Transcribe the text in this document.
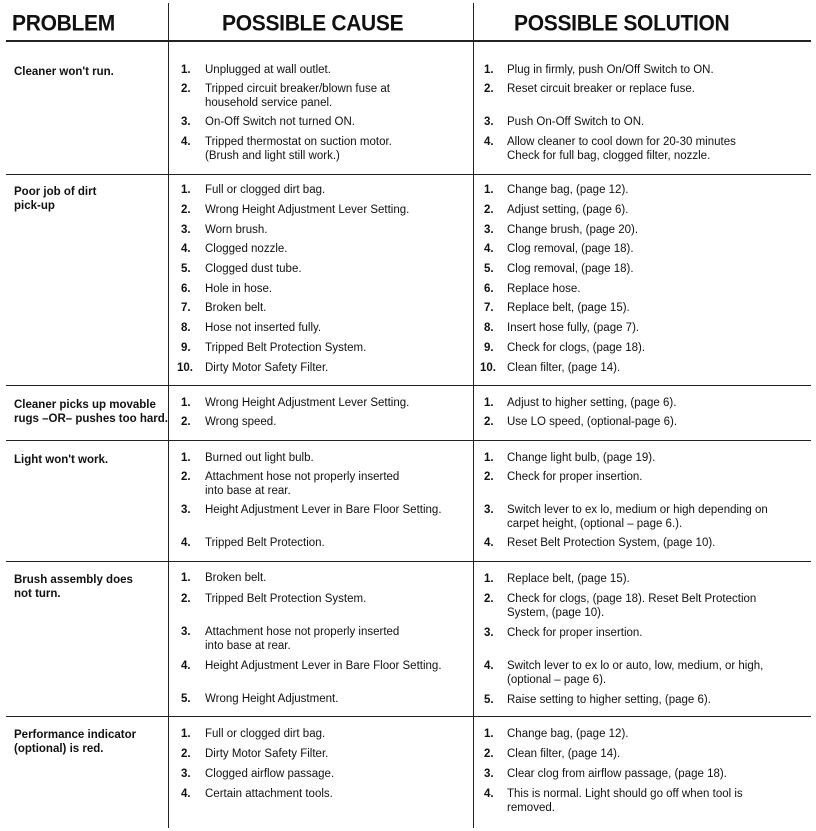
PROBLEM	POSSIBLE CAUSE	POSSIBLE SOLUTION
Cleaner won't run.	1. Unplugged at wall outlet.	1. Plug in firmly, push On/Off Switch to ON.
2. Tripped circuit breaker/blown fuse at
household service panel.
2. Reset circuit breaker or replace fuse.
3. On-Off Switch not turned ON.	3. Push On-Off Switch to ON.
4. Tripped thermostat on suction motor.
(Brush and light still work.)
4. Allow cleaner to cool down for 20-30 minutes
Check for full bag, clogged filter, nozzle.
Poor job of dirt
pick-up
1. Full or clogged dirt bag.	1. Change bag, (page 12).
2. Wrong Height Adjustment Lever Setting.	2. Adjust setting, (page 6).
3. Worn brush.	3. Change brush, (page 20).
4. Clogged nozzle.	4. Clog removal, (page 18).
5. Clogged dust tube.	5. Clog removal, (page 18).
6. Hole in hose.	6. Replace hose.
7. Broken belt.	7. Replace belt, (page 15).
8. Hose not inserted fully.	8. Insert hose fully, (page 7).
9. Tripped Belt Protection System.	9. Check for clogs, (page 18).
10. Dirty Motor Safety Filter.	10. Clean filter, (page 14).
Cleaner picks up movable
rugs –OR– pushes too hard.
1. Wrong Height Adjustment Lever Setting.	1. Adjust to higher setting, (page 6).
2. Wrong speed.	2. Use LO speed, (optional-page 6).
Light won't work.	1. Burned out light bulb.	1. Change light bulb, (page 19).
2. Attachment hose not properly inserted
into base at rear.
2. Check for proper insertion.
3. Height Adjustment Lever in Bare Floor Setting.	3. Switch lever to ex lo, medium or high depending on
carpet height, (optional – page 6.).
4. Tripped Belt Protection.	4. Reset Belt Protection System, (page 10).
Brush assembly does
not turn.
1. Broken belt.	1. Replace belt, (page 15).
2. Tripped Belt Protection System.	2. Check for clogs, (page 18). Reset Belt Protection
System, (page 10).
3. Attachment hose not properly inserted
into base at rear.
3. Check for proper insertion.
4. Height Adjustment Lever in Bare Floor Setting.	4. Switch lever to ex lo or auto, low, medium, or high,
(optional – page 6).
5. Wrong Height Adjustment.	5. Raise setting to higher setting, (page 6).
Performance indicator
(optional) is red.
1. Full or clogged dirt bag.	1. Change bag, (page 12).
2. Dirty Motor Safety Filter.	2. Clean filter, (page 14).
3. Clogged airflow passage.	3. Clear clog from airflow passage, (page 18).
4. Certain attachment tools.	4. This is normal. Light should go off when tool is
removed.
